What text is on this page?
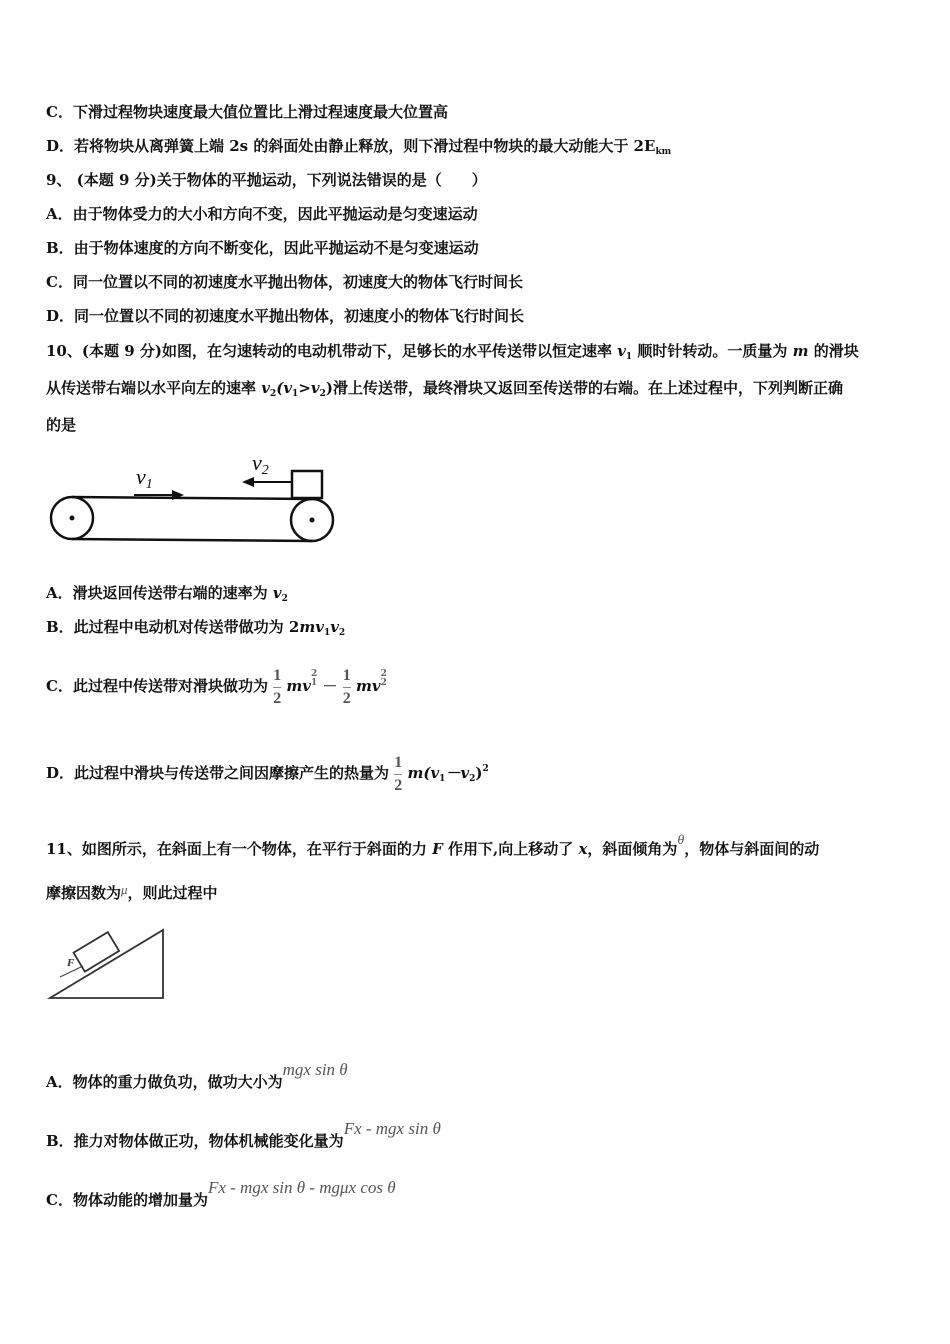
C．下滑过程物块速度最大值位置比上滑过程速度最大位置高
D．若将物块从离弹簧上端 2s 的斜面处由静止释放，则下滑过程中物块的最大动能大于 $2E_{km}$
9、 (本题 9 分)关于物体的平抛运动，下列说法错误的是（　　）
A．由于物体受力的大小和方向不变，因此平抛运动是匀变速运动
B．由于物体速度的方向不断变化，因此平抛运动不是匀变速运动
C．同一位置以不同的初速度水平抛出物体，初速度大的物体飞行时间长
D．同一位置以不同的初速度水平抛出物体，初速度小的物体飞行时间长
10、(本题 9 分)如图，在匀速转动的电动机带动下，足够长的水平传送带以恒定速率 $v_1$ 顺时针转动。一质量为 m 的滑块
从传送带右端以水平向左的速率 $v_2(v_1>v_2)$滑上传送带，最终滑块又返回至传送带的右端。在上述过程中，下列判断正确
的是
v1
v2
A．滑块返回传送带右端的速率为 $v_2$
B．此过程中电动机对传送带做功为 $2mv_1v_2$
C．此过程中传送带对滑块做功为 $\frac{1}{2}$ mv
2
$1 - \frac{1}{2}$ mv
2
2
D．此过程中滑块与传送带之间因摩擦产生的热量为 $\frac{1}{2} m(v_1-v_2)^2$
11、如图所示，在斜面上有一个物体，在平行于斜面的力 F 作用下,向上移动了 x，斜面倾角为θ，物体与斜面间的动
摩擦因数为μ，则此过程中
F
A．物体的重力做负功，做功大小为mgx sin θ
B．推力对物体做正功，物体机械能变化量为Fx - mgx sin θ
C．物体动能的增加量为Fx - mgx sin θ - mgμx cos θ
